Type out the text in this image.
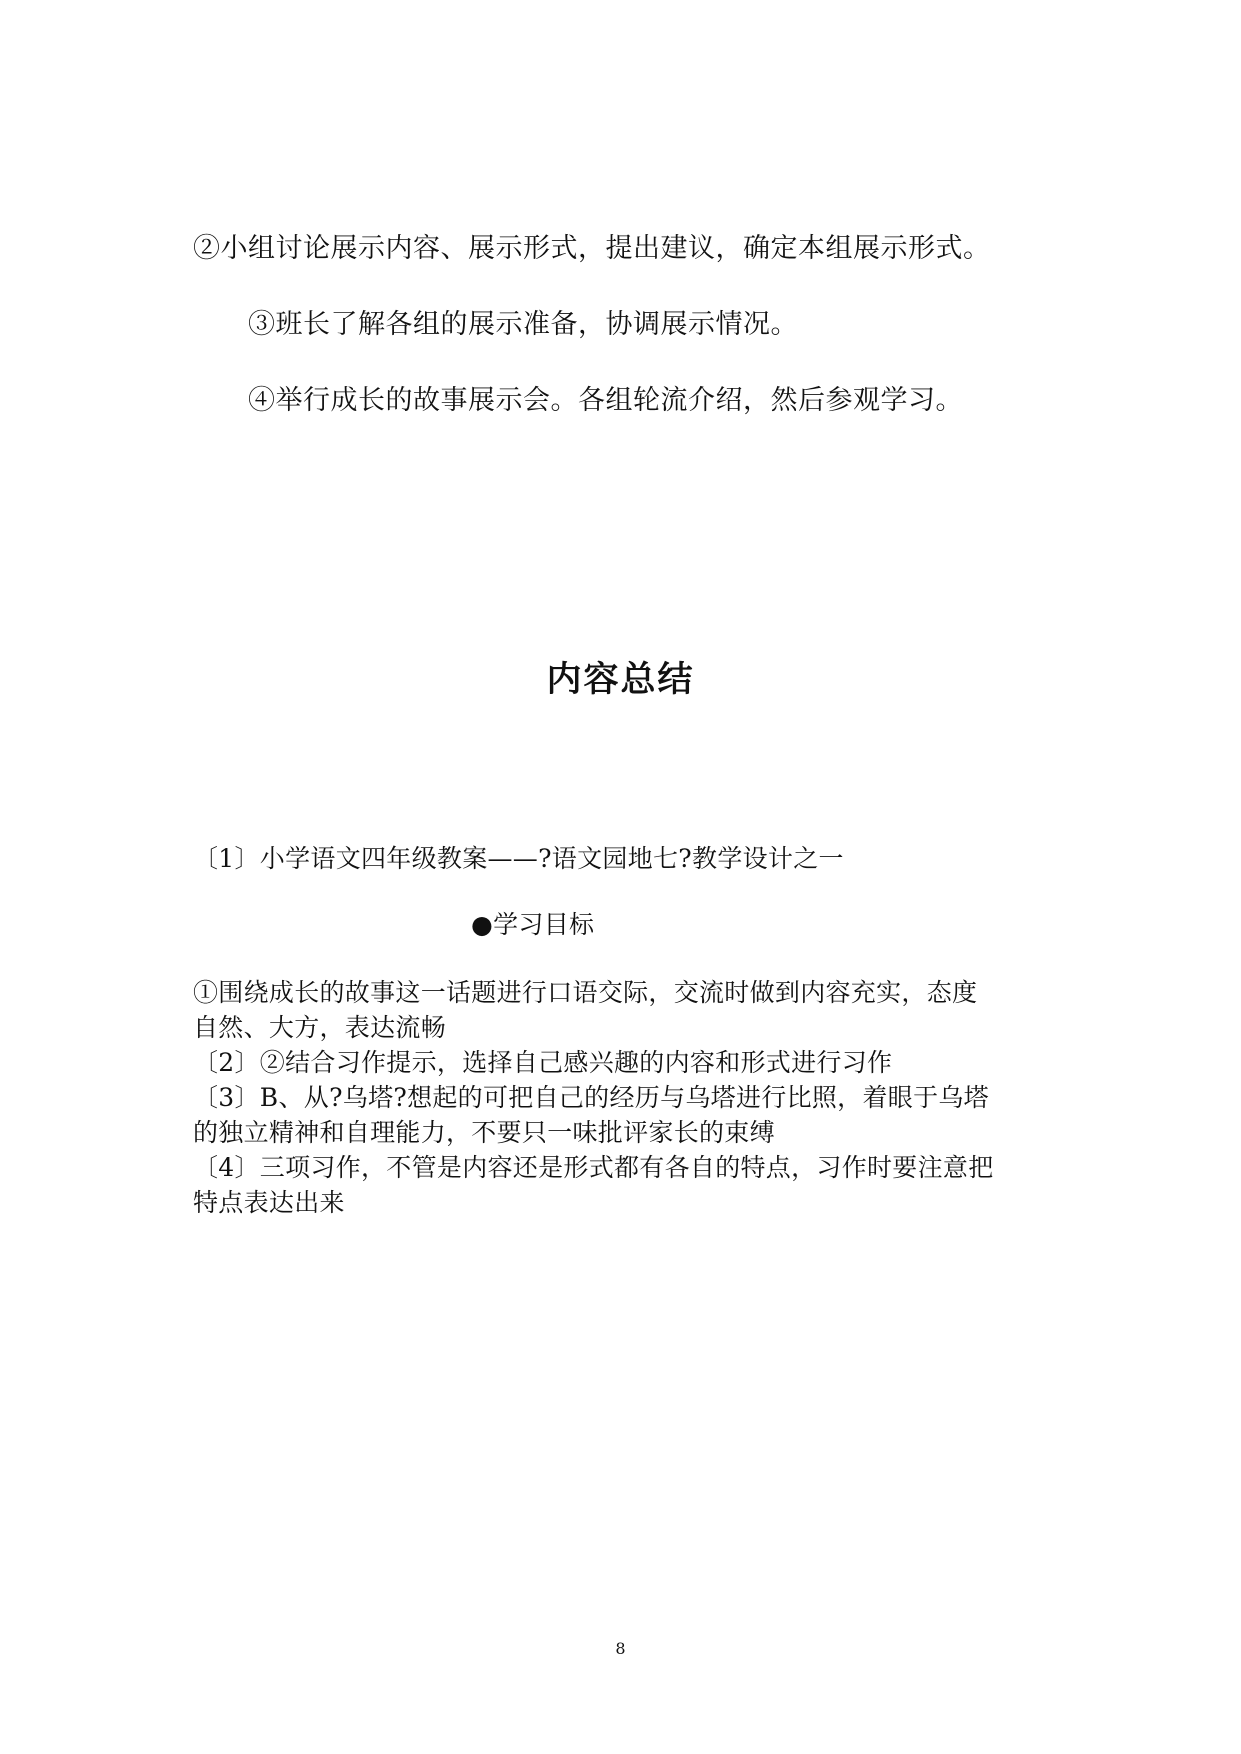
②小组讨论展示内容、展示形式，提出建议，确定本组展示形式。
③班长了解各组的展示准备，协调展示情况。
④举行成长的故事展示会。各组轮流介绍，然后参观学习。
内容总结
〔1〕小学语文四年级教案——?语文园地七?教学设计之一
●学习目标
①围绕成长的故事这一话题进行口语交际，交流时做到内容充实，态度
自然、大方，表达流畅
〔2〕②结合习作提示，选择自己感兴趣的内容和形式进行习作
〔3〕B、从?乌塔?想起的可把自己的经历与乌塔进行比照，着眼于乌塔
的独立精神和自理能力，不要只一味批评家长的束缚
〔4〕三项习作，不管是内容还是形式都有各自的特点，习作时要注意把
特点表达出来
8
